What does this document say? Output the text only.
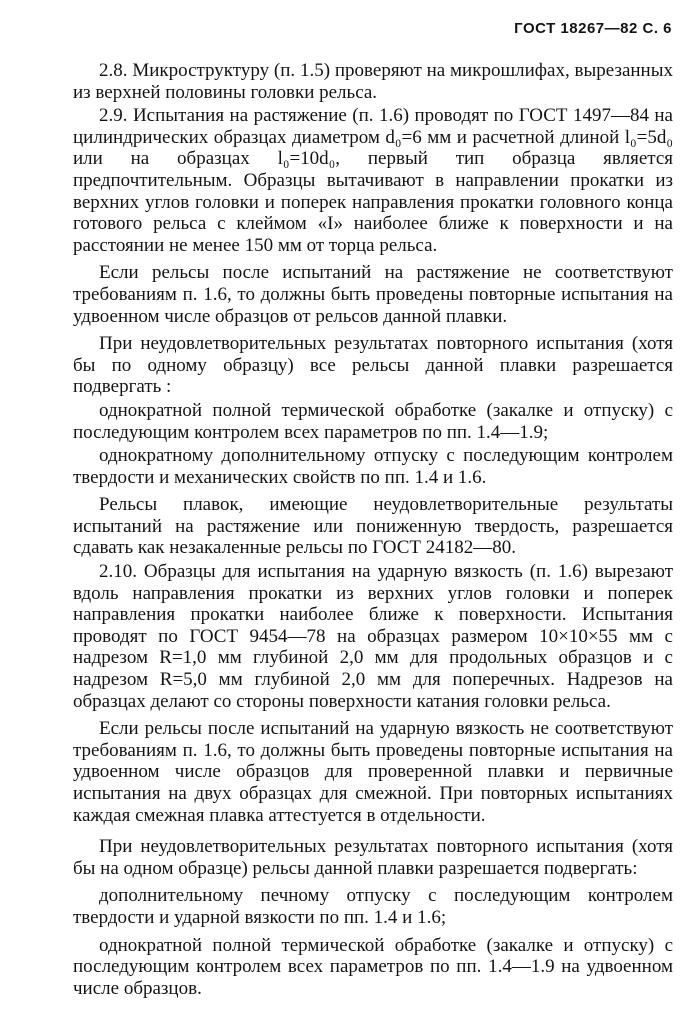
ГОСТ 18267—82 С. 6

2.8. Микроструктуру (п. 1.5) проверяют на микрошлифах, вырезанных из верхней половины головки рельса.

2.9. Испытания на растяжение (п. 1.6) проводят по ГОСТ 1497—84 на цилиндрических образцах диаметром d₀=6 мм и расчетной длиной l₀=5d₀ или на образцах l₀=10d₀, первый тип образца является предпочтительным. Образцы вытачивают в направлении прокатки из верхних углов головки и поперек направления прокатки головного конца готового рельса с клеймом «I» наиболее ближе к поверхности и на расстоянии не менее 150 мм от торца рельса.

Если рельсы после испытаний на растяжение не соответствуют требованиям п. 1.6, то должны быть проведены повторные испытания на удвоенном числе образцов от рельсов данной плавки.

При неудовлетворительных результатах повторного испытания (хотя бы по одному образцу) все рельсы данной плавки разрешается подвергать :

однократной полной термической обработке (закалке и отпуску) с последующим контролем всех параметров по пп. 1.4—1.9;

однократному дополнительному отпуску с последующим контролем твердости и механических свойств по пп. 1.4 и 1.6.

Рельсы плавок, имеющие неудовлетворительные результаты испытаний на растяжение или пониженную твердость, разрешается сдавать как незакаленные рельсы по ГОСТ 24182—80.

2.10. Образцы для испытания на ударную вязкость (п. 1.6) вырезают вдоль направления прокатки из верхних углов головки и поперек направления прокатки наиболее ближе к поверхности. Испытания проводят по ГОСТ 9454—78 на образцах размером 10×10×55 мм с надрезом R=1,0 мм глубиной 2,0 мм для продольных образцов и с надрезом R=5,0 мм глубиной 2,0 мм для поперечных. Надрезов на образцах делают со стороны поверхности катания головки рельса.

Если рельсы после испытаний на ударную вязкость не соответствуют требованиям п. 1.6, то должны быть проведены повторные испытания на удвоенном числе образцов для проверенной плавки и первичные испытания на двух образцах для смежной. При повторных испытаниях каждая смежная плавка аттестуется в отдельности.

При неудовлетворительных результатах повторного испытания (хотя бы на одном образце) рельсы данной плавки разрешается подвергать:

дополнительному печному отпуску с последующим контролем твердости и ударной вязкости по пп. 1.4 и 1.6;

однократной полной термической обработке (закалке и отпуску) с последующим контролем всех параметров по пп. 1.4—1.9 на удвоенном числе образцов.
